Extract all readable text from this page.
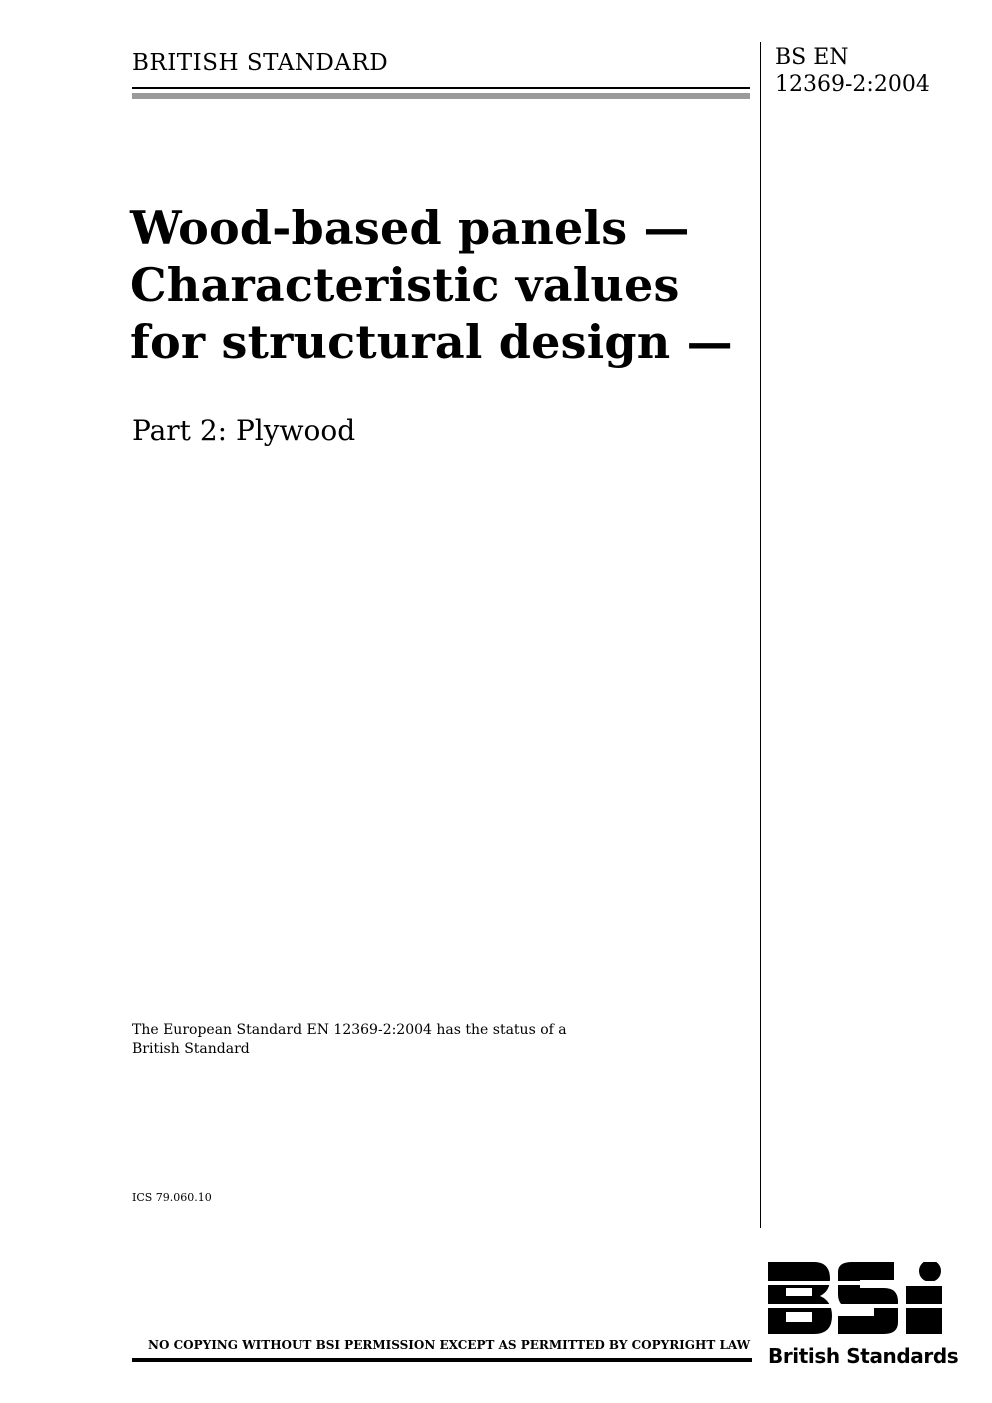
BRITISH STANDARD	BS EN
12369-2:2004
Wood-based panels —
Characteristic values
for structural design —
Part 2: Plywood
The European Standard EN 12369-2:2004 has the status of a
British Standard
ICS 79.060.10
NO COPYING WITHOUT BSI PERMISSION EXCEPT AS PERMITTED BY COPYRIGHT LAW British Standards
